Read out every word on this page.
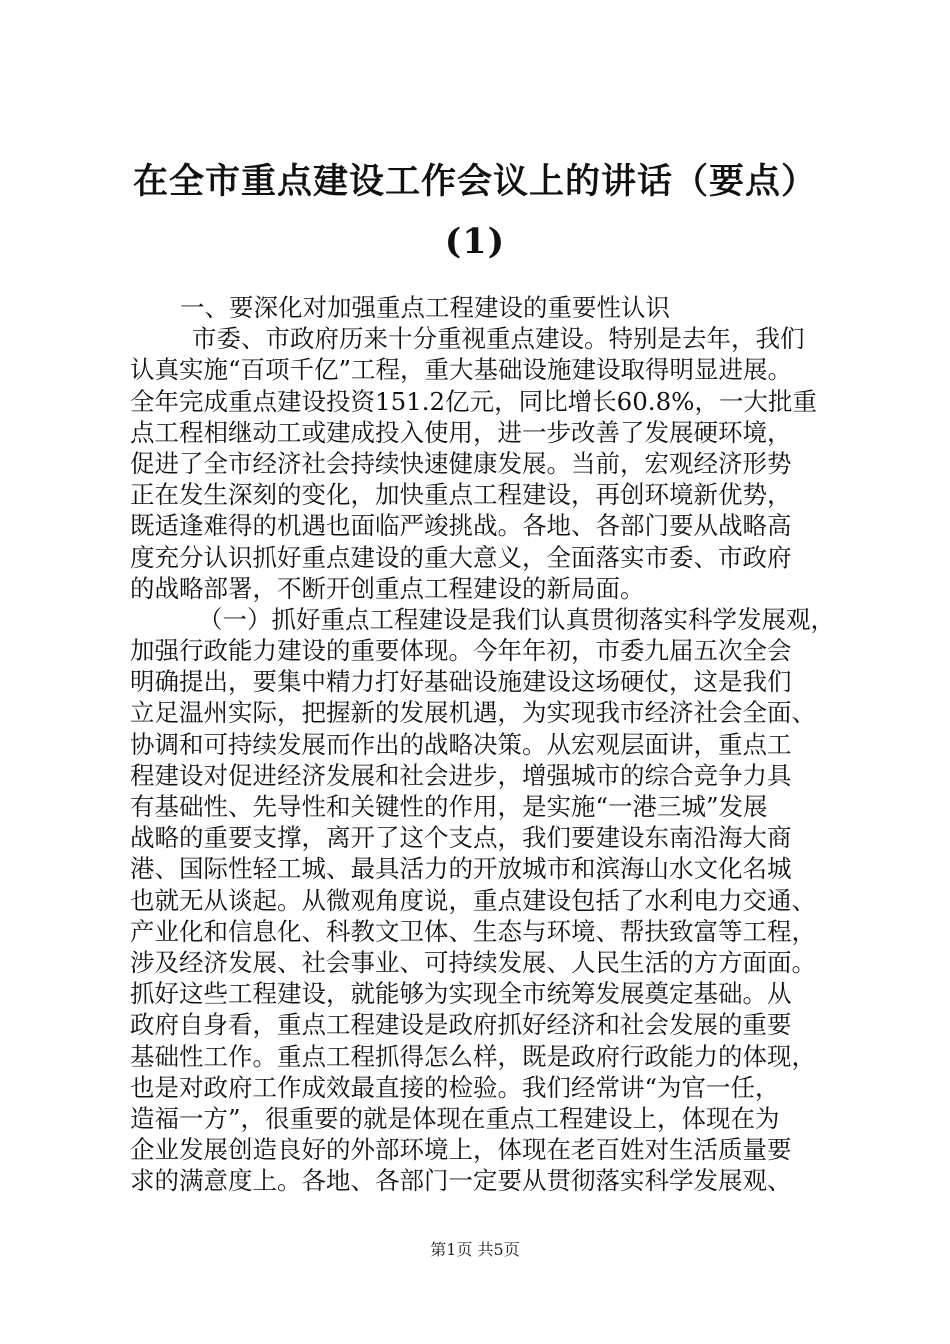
在全市重点建设工作会议上的讲话（要点）
(1)
一、要深化对加强重点工程建设的重要性认识
市委、市政府历来十分重视重点建设。特别是去年，我们
认真实施“百项千亿”工程，重大基础设施建设取得明显进展。
全年完成重点建设投资151.2亿元，同比增长60.8%，一大批重
点工程相继动工或建成投入使用，进一步改善了发展硬环境，
促进了全市经济社会持续快速健康发展。当前，宏观经济形势
正在发生深刻的变化，加快重点工程建设，再创环境新优势，
既适逢难得的机遇也面临严竣挑战。各地、各部门要从战略高
度充分认识抓好重点建设的重大意义，全面落实市委、市政府
的战略部署，不断开创重点工程建设的新局面。
（一）抓好重点工程建设是我们认真贯彻落实科学发展观，
加强行政能力建设的重要体现。今年年初，市委九届五次全会
明确提出，要集中精力打好基础设施建设这场硬仗，这是我们
立足温州实际，把握新的发展机遇，为实现我市经济社会全面、
协调和可持续发展而作出的战略决策。从宏观层面讲，重点工
程建设对促进经济发展和社会进步，增强城市的综合竞争力具
有基础性、先导性和关键性的作用，是实施“一港三城”发展
战略的重要支撑，离开了这个支点，我们要建设东南沿海大商
港、国际性轻工城、最具活力的开放城市和滨海山水文化名城
也就无从谈起。从微观角度说，重点建设包括了水利电力交通、
产业化和信息化、科教文卫体、生态与环境、帮扶致富等工程，
涉及经济发展、社会事业、可持续发展、人民生活的方方面面。
抓好这些工程建设，就能够为实现全市统筹发展奠定基础。从
政府自身看，重点工程建设是政府抓好经济和社会发展的重要
基础性工作。重点工程抓得怎么样，既是政府行政能力的体现，
也是对政府工作成效最直接的检验。我们经常讲“为官一任，
造福一方”，很重要的就是体现在重点工程建设上，体现在为
企业发展创造良好的外部环境上，体现在老百姓对生活质量要
求的满意度上。各地、各部门一定要从贯彻落实科学发展观、
第1页 共5页
